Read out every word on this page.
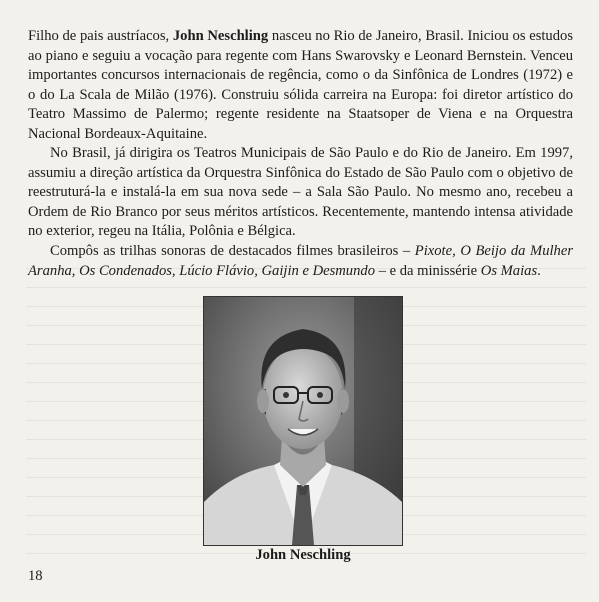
Filho de pais austríacos, John Neschling nasceu no Rio de Janeiro, Brasil. Iniciou os estudos ao piano e seguiu a vocação para regente com Hans Swarovsky e Leonard Bernstein. Venceu importantes concursos internacionais de regência, como o da Sinfônica de Londres (1972) e o do La Scala de Milão (1976). Construiu sólida carreira na Europa: foi diretor artístico do Teatro Massimo de Palermo; regente residente na Staatsoper de Viena e na Orquestra Nacional Bordeaux-Aquitaine.

No Brasil, já dirigira os Teatros Municipais de São Paulo e do Rio de Janeiro. Em 1997, assumiu a direção artística da Orquestra Sinfônica do Estado de São Paulo com o objetivo de reestruturá-la e instalá-la em sua nova sede – a Sala São Paulo. No mesmo ano, recebeu a Ordem de Rio Branco por seus méritos artísticos. Recentemente, mantendo intensa atividade no exterior, regeu na Itália, Polônia e Bélgica.

Compôs as trilhas sonoras de destacados filmes brasileiros – Pixote, O Beijo da Mulher Aranha, Os Condenados, Lúcio Flávio, Gaijin e Desmundo – e da minissérie Os Maias.

John Neschling
18
